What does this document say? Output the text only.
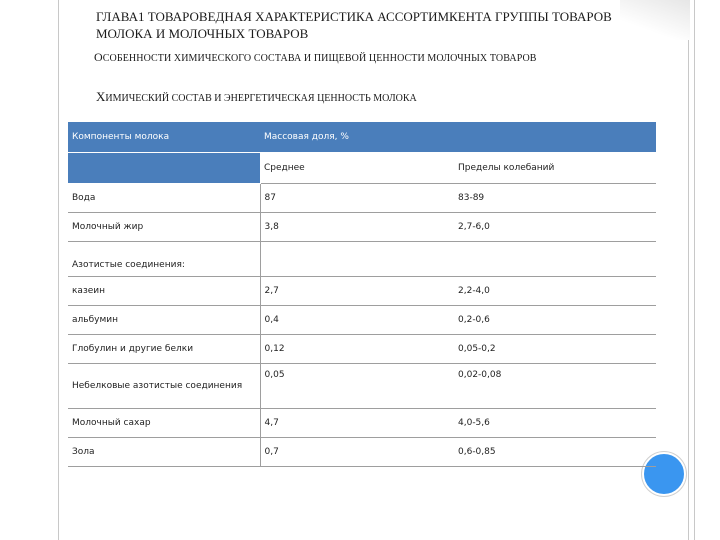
ГЛАВА1 ТОВАРОВЕДНАЯ ХАРАКТЕРИСТИКА АССОРТИМКЕНТА ГРУППЫ ТОВАРОВ МОЛОКА И МОЛОЧНЫХ ТОВАРОВ
ОСОБЕННОСТИ ХИМИЧЕСКОГО СОСТАВА И ПИЩЕВОЙ ЦЕННОСТИ МОЛОЧНЫХ ТОВАРОВ
ХИМИЧЕСКИЙ СОСТАВ И ЭНЕРГЕТИЧЕСКАЯ ЦЕННОСТЬ МОЛОКА
Компоненты молока	Массовая доля, %	
	Среднее	Пределы колебаний
Вода	87	83-89
Молочный жир	3,8	2,7-6,0
Азотистые соединения:		
казеин	2,7	2,2-4,0
альбумин	0,4	0,2-0,6
Глобулин и другие белки	0,12	0,05-0,2
Небелковые азотистые соединения	0,05	0,02-0,08
Молочный сахар	4,7	4,0-5,6
Зола	0,7	0,6-0,85
